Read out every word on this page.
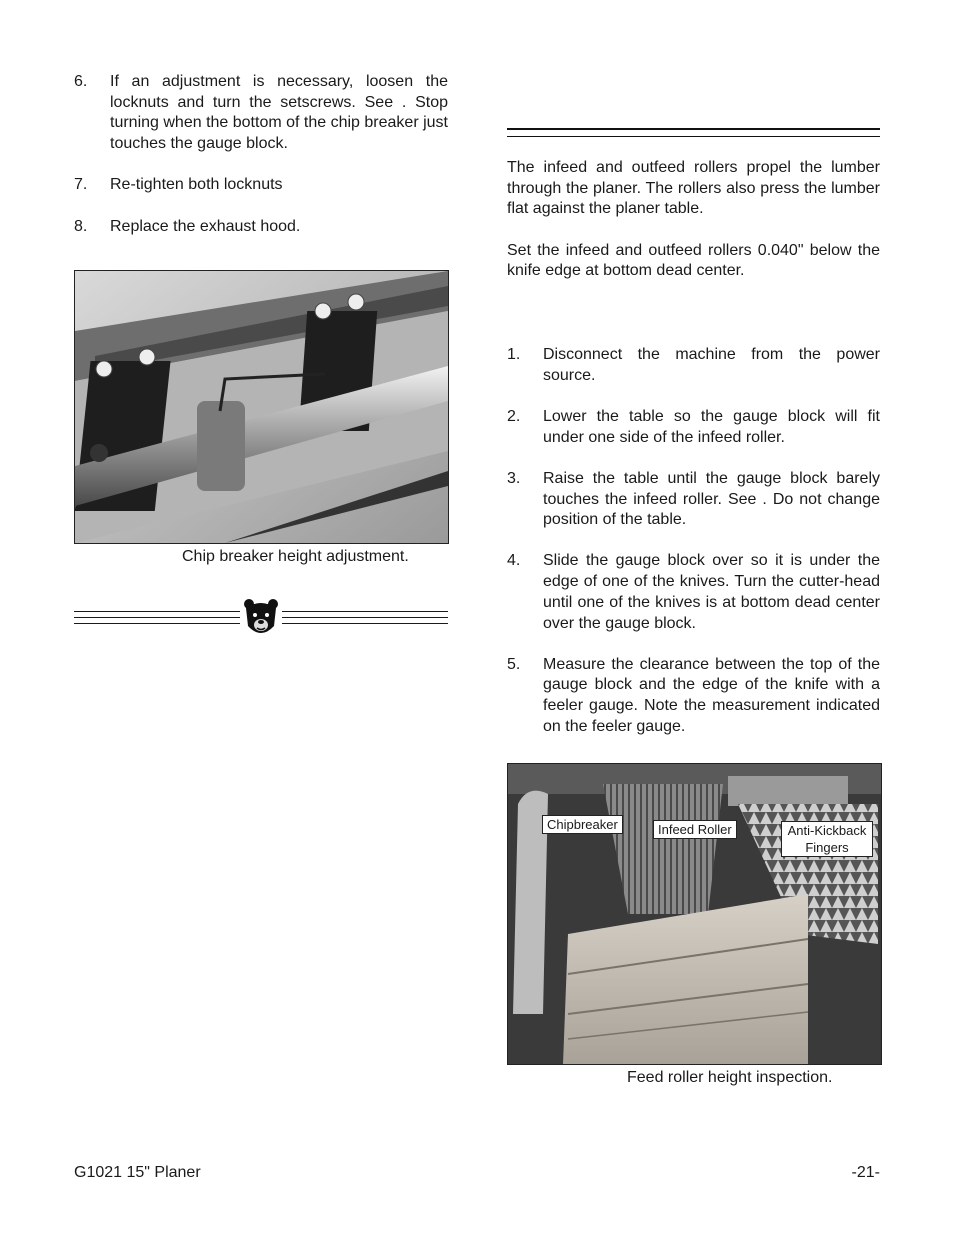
6.	If an adjustment is necessary, loosen the locknuts and turn the setscrews. See . Stop turning when the bottom of the chip breaker just touches the gauge block.
7.	Re-tighten both locknuts
8.	Replace the exhaust hood.
Chip breaker height adjustment.

The infeed and outfeed rollers propel the lumber through the planer. The rollers also press the lumber flat against the planer table.

Set the infeed and outfeed rollers 0.040" below the knife edge at bottom dead center.

1.	Disconnect the machine from the power source.
2.	Lower the table so the gauge block will fit under one side of the infeed roller.
3.	Raise the table until the gauge block barely touches the infeed roller. See . Do not change position of the table.
4.	Slide the gauge block over so it is under the edge of one of the knives. Turn the cutter-head until one of the knives is at bottom dead center over the gauge block.
5.	Measure the clearance between the top of the gauge block and the edge of the knife with a feeler gauge. Note the measurement indicated on the feeler gauge.
Chipbreaker	Infeed Roller	Anti-Kickback Fingers
Feed roller height inspection.
G1021 15" Planer	-21-
